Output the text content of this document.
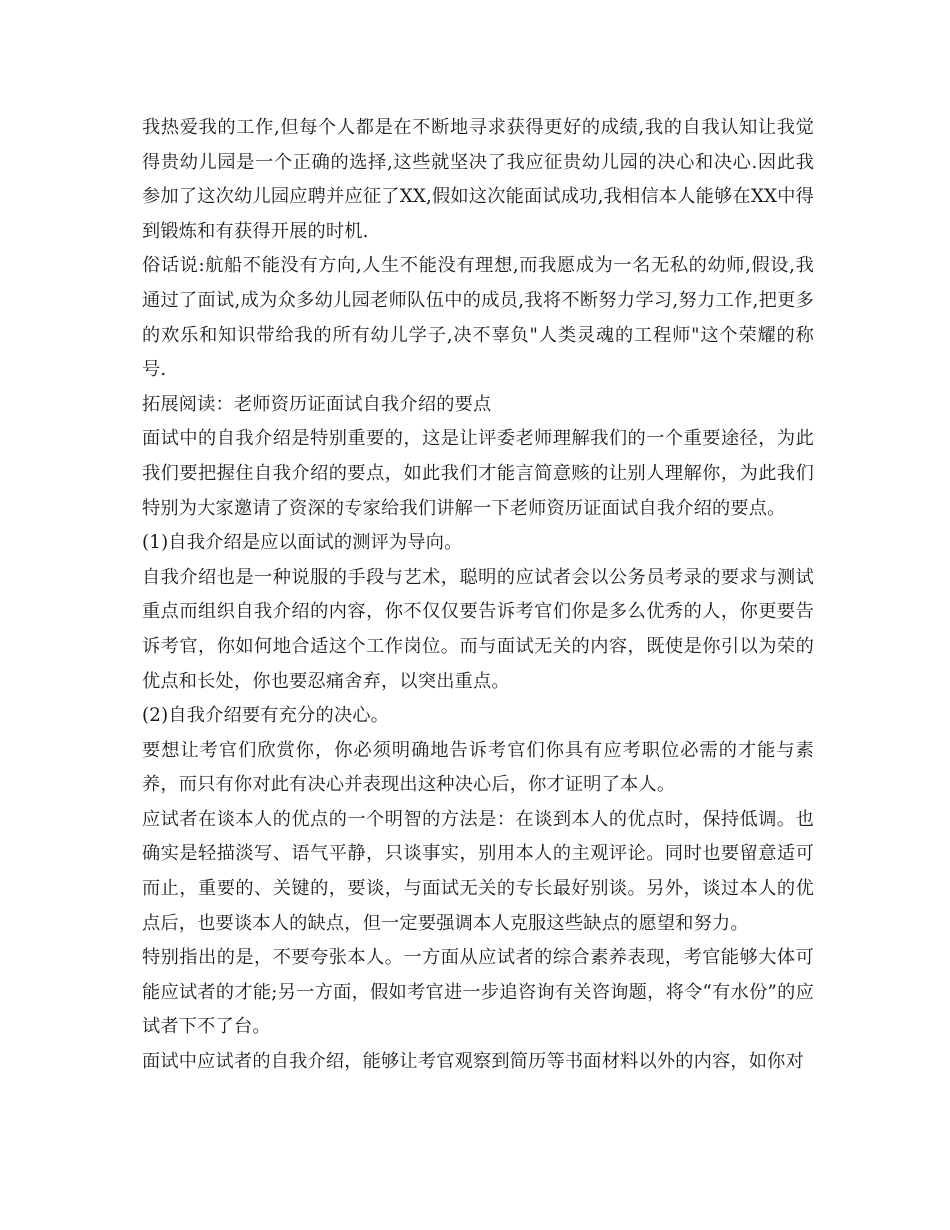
我热爱我的工作,但每个人都是在不断地寻求获得更好的成绩,我的自我认知让我觉得贵幼儿园是一个正确的选择,这些就坚决了我应征贵幼儿园的决心和决心.因此我参加了这次幼儿园应聘并应征了XX,假如这次能面试成功,我相信本人能够在XX中得到锻炼和有获得开展的时机.

俗话说:航船不能没有方向,人生不能没有理想,而我愿成为一名无私的幼师,假设,我通过了面试,成为众多幼儿园老师队伍中的成员,我将不断努力学习,努力工作,把更多的欢乐和知识带给我的所有幼儿学子,决不辜负"人类灵魂的工程师"这个荣耀的称号.

拓展阅读：老师资历证面试自我介绍的要点

面试中的自我介绍是特别重要的，这是让评委老师理解我们的一个重要途径，为此我们要把握住自我介绍的要点，如此我们才能言简意赅的让别人理解你，为此我们特别为大家邀请了资深的专家给我们讲解一下老师资历证面试自我介绍的要点。

(1)自我介绍是应以面试的测评为导向。

自我介绍也是一种说服的手段与艺术，聪明的应试者会以公务员考录的要求与测试重点而组织自我介绍的内容，你不仅仅要告诉考官们你是多么优秀的人，你更要告诉考官，你如何地合适这个工作岗位。而与面试无关的内容，既使是你引以为荣的优点和长处，你也要忍痛舍弃，以突出重点。

(2)自我介绍要有充分的决心。

要想让考官们欣赏你，你必须明确地告诉考官们你具有应考职位必需的才能与素养，而只有你对此有决心并表现出这种决心后，你才证明了本人。

应试者在谈本人的优点的一个明智的方法是：在谈到本人的优点时，保持低调。也确实是轻描淡写、语气平静，只谈事实，别用本人的主观评论。同时也要留意适可而止，重要的、关键的，要谈，与面试无关的专长最好别谈。另外，谈过本人的优点后，也要谈本人的缺点，但一定要强调本人克服这些缺点的愿望和努力。

特别指出的是，不要夸张本人。一方面从应试者的综合素养表现，考官能够大体可能应试者的才能;另一方面，假如考官进一步追咨询有关咨询题，将令“有水份”的应试者下不了台。

面试中应试者的自我介绍，能够让考官观察到简历等书面材料以外的内容，如你对
